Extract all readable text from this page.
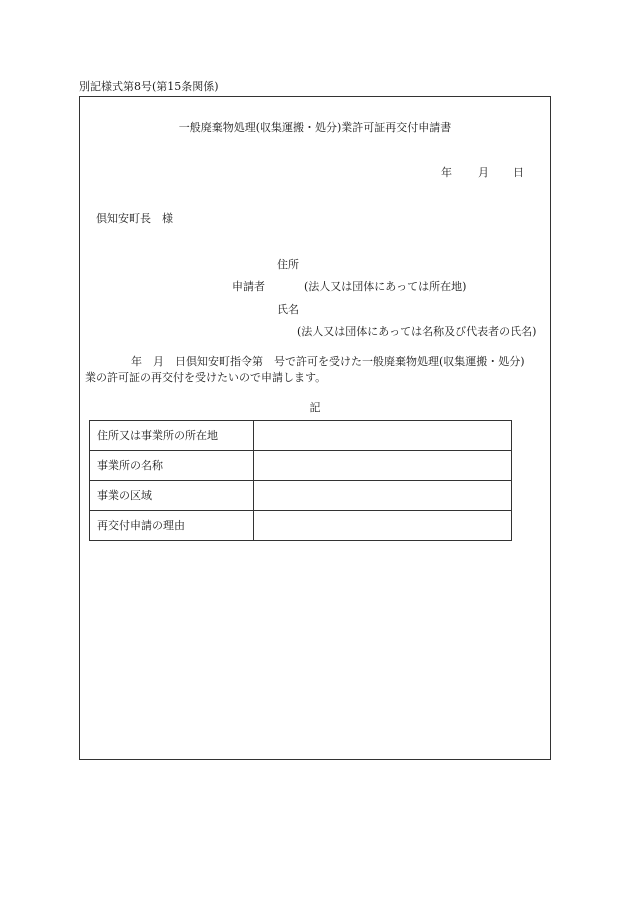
別記様式第8号(第15条関係)
一般廃棄物処理(収集運搬・処分)業許可証再交付申請書
年 月 日
倶知安町長　様
住所
申請者	(法人又は団体にあっては所在地)
氏名
(法人又は団体にあっては名称及び代表者の氏名)
年　月　日倶知安町指令第　号で許可を受けた一般廃棄物処理(収集運搬・処分)
業の許可証の再交付を受けたいので申請します。
記
住所又は事業所の所在地	
事業所の名称	
事業の区域	
再交付申請の理由	
